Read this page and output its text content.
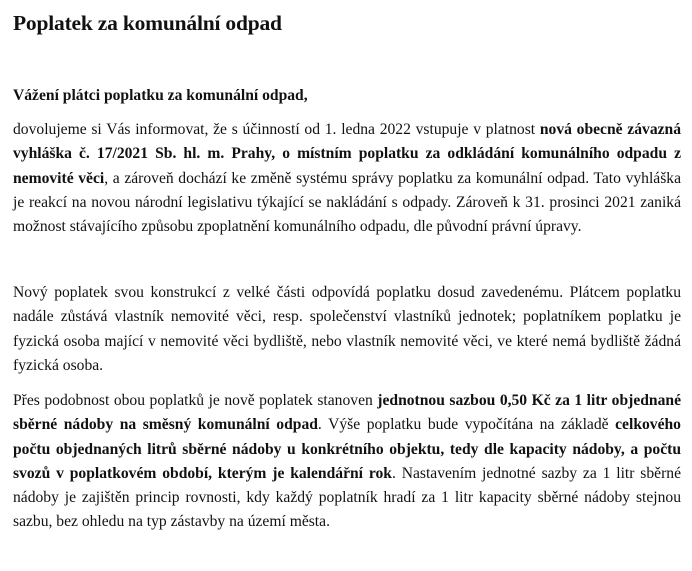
Poplatek za komunální odpad

Vážení plátci poplatku za komunální odpad,

dovolujeme si Vás informovat, že s účinností od 1. ledna 2022 vstupuje v platnost nová obecně závazná vyhláška č. 17/2021 Sb. hl. m. Prahy, o místním poplatku za odkládání komunálního odpadu z nemovité věci, a zároveň dochází ke změně systému správy poplatku za komunální odpad. Tato vyhláška je reakcí na novou národní legislativu týkající se nakládání s odpady. Zároveň k 31. prosinci 2021 zaniká možnost stávajícího způsobu zpoplatnění komunálního odpadu, dle původní právní úpravy.

Nový poplatek svou konstrukcí z velké části odpovídá poplatku dosud zavedenému. Plátcem poplatku nadále zůstává vlastník nemovité věci, resp. společenství vlastníků jednotek; poplatníkem poplatku je fyzická osoba mající v nemovité věci bydliště, nebo vlastník nemovité věci, ve které nemá bydliště žádná fyzická osoba.

Přes podobnost obou poplatků je nově poplatek stanoven jednotnou sazbou 0,50 Kč za 1 litr objednané sběrné nádoby na směsný komunální odpad. Výše poplatku bude vypočítána na základě celkového počtu objednaných litrů sběrné nádoby u konkrétního objektu, tedy dle kapacity nádoby, a počtu svozů v poplatkovém období, kterým je kalendářní rok. Nastavením jednotné sazby za 1 litr sběrné nádoby je zajištěn princip rovnosti, kdy každý poplatník hradí za 1 litr kapacity sběrné nádoby stejnou sazbu, bez ohledu na typ zástavby na území města.
